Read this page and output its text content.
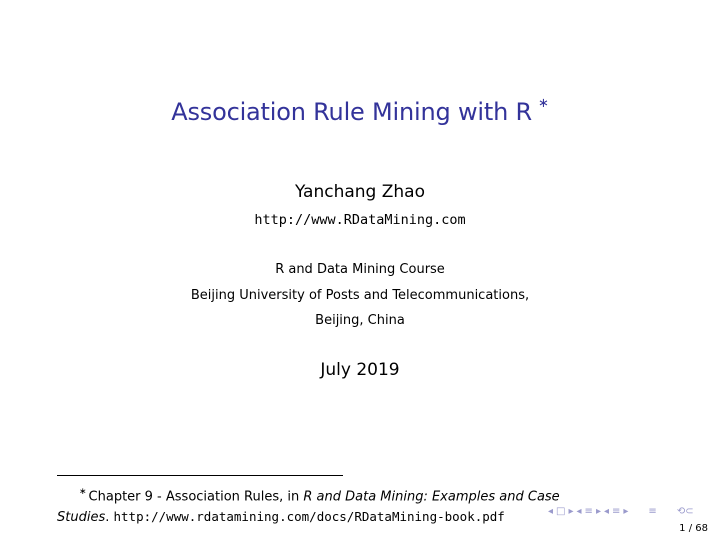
Association Rule Mining with R ∗
Yanchang Zhao
http://www.RDataMining.com
R and Data Mining Course
Beijing University of Posts and Telecommunications,
Beijing, China
July 2019
∗ Chapter 9 - Association Rules, in R and Data Mining: Examples and Case
Studies. http://www.rdatamining.com/docs/RDataMining-book.pdf	◂ □ ▸ ◂ ≡ ▸ ◂ ≡ ▸ ≡ ⟲⊂
1 / 68
